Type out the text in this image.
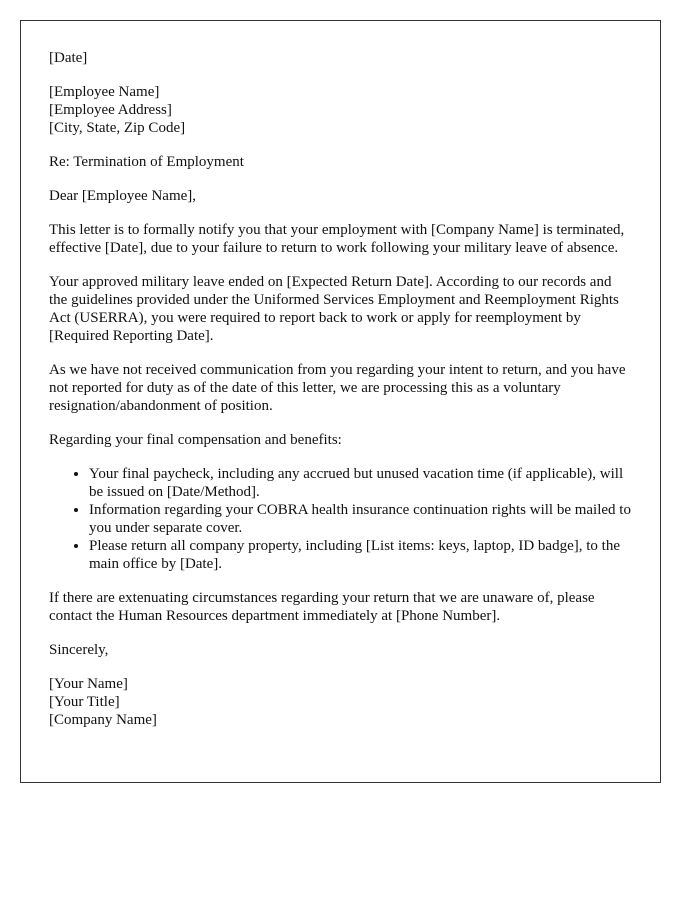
[Date]

[Employee Name]
[Employee Address]
[City, State, Zip Code]

Re: Termination of Employment

Dear [Employee Name],

This letter is to formally notify you that your employment with [Company Name] is terminated, effective [Date], due to your failure to return to work following your military leave of absence.

Your approved military leave ended on [Expected Return Date]. According to our records and the guidelines provided under the Uniformed Services Employment and Reemployment Rights Act (USERRA), you were required to report back to work or apply for reemployment by [Required Reporting Date].

As we have not received communication from you regarding your intent to return, and you have not reported for duty as of the date of this letter, we are processing this as a voluntary resignation/abandonment of position.

Regarding your final compensation and benefits:

• Your final paycheck, including any accrued but unused vacation time (if applicable), will be issued on [Date/Method].
• Information regarding your COBRA health insurance continuation rights will be mailed to you under separate cover.
• Please return all company property, including [List items: keys, laptop, ID badge], to the main office by [Date].

If there are extenuating circumstances regarding your return that we are unaware of, please contact the Human Resources department immediately at [Phone Number].

Sincerely,

[Your Name]
[Your Title]
[Company Name]
